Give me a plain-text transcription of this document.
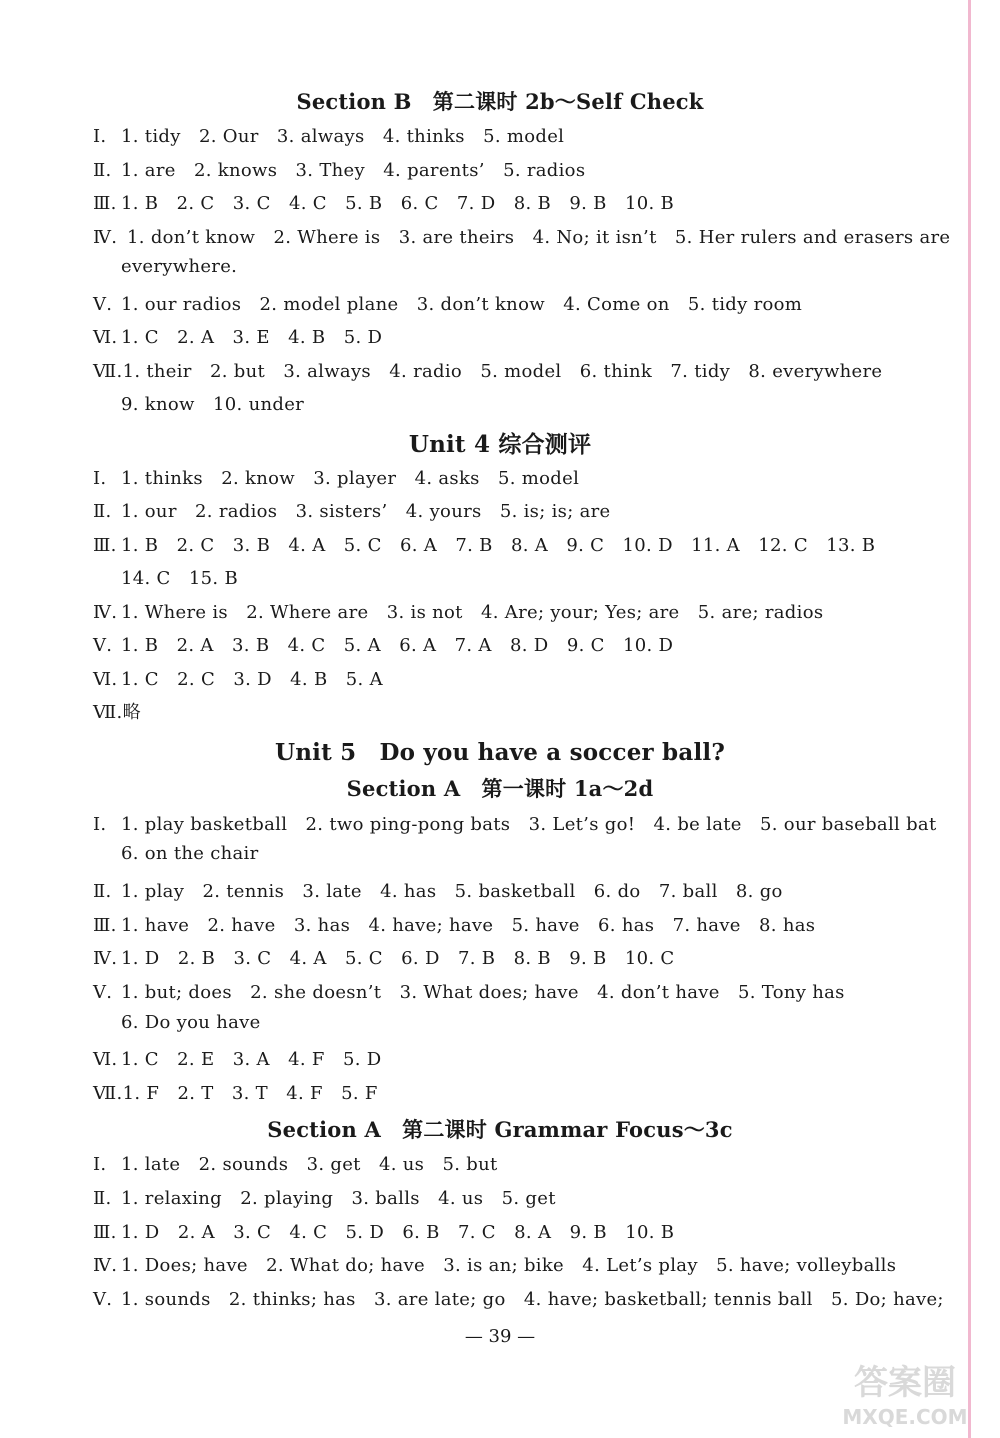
Section B　第二课时 2b～Self Check
Ⅰ. 1. tidy　2. Our　3. always　4. thinks　5. model
Ⅱ. 1. are　2. knows　3. They　4. parents’　5. radios
Ⅲ. 1. B　2. C　3. C　4. C　5. B　6. C　7. D　8. B　9. B　10. B
Ⅳ. 1. don’t know　2. Where is　3. are theirs　4. No; it isn’t　5. Her rulers and erasers are
everywhere.
Ⅴ. 1. our radios　2. model plane　3. don’t know　4. Come on　5. tidy room
Ⅵ. 1. C　2. A　3. E　4. B　5. D
Ⅶ.1. their　2. but　3. always　4. radio　5. model　6. think　7. tidy　8. everywhere
9. know　10. under
Unit 4 综合测评
Ⅰ. 1. thinks　2. know　3. player　4. asks　5. model
Ⅱ. 1. our　2. radios　3. sisters’　4. yours　5. is; is; are
Ⅲ. 1. B　2. C　3. B　4. A　5. C　6. A　7. B　8. A　9. C　10. D　11. A　12. C　13. B
14. C　15. B
Ⅳ. 1. Where is　2. Where are　3. is not　4. Are; your; Yes; are　5. are; radios
Ⅴ. 1. B　2. A　3. B　4. C　5. A　6. A　7. A　8. D　9. C　10. D
Ⅵ. 1. C　2. C　3. D　4. B　5. A
Ⅶ.略
Unit 5　Do you have a soccer ball?
Section A　第一课时 1a～2d
Ⅰ. 1. play basketball　2. two ping-pong bats　3. Let’s go!　4. be late　5. our baseball bat
6. on the chair
Ⅱ. 1. play　2. tennis　3. late　4. has　5. basketball　6. do　7. ball　8. go
Ⅲ. 1. have　2. have　3. has　4. have; have　5. have　6. has　7. have　8. has
Ⅳ. 1. D　2. B　3. C　4. A　5. C　6. D　7. B　8. B　9. B　10. C
Ⅴ. 1. but; does　2. she doesn’t　3. What does; have　4. don’t have　5. Tony has
6. Do you have
Ⅵ. 1. C　2. E　3. A　4. F　5. D
Ⅶ.1. F　2. T　3. T　4. F　5. F
Section A　第二课时 Grammar Focus～3c
Ⅰ. 1. late　2. sounds　3. get　4. us　5. but
Ⅱ. 1. relaxing　2. playing　3. balls　4. us　5. get
Ⅲ. 1. D　2. A　3. C　4. C　5. D　6. B　7. C　8. A　9. B　10. B
Ⅳ. 1. Does; have　2. What do; have　3. is an; bike　4. Let’s play　5. have; volleyballs
Ⅴ. 1. sounds　2. thinks; has　3. are late; go　4. have; basketball; tennis ball　5. Do; have;
— 39 —
答案圈
MXQE.COM
